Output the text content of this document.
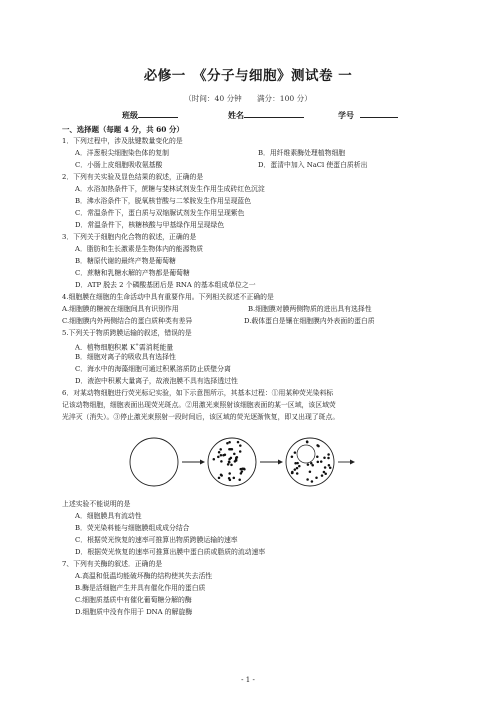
必修一　《分子与细胞》测试卷 一
（时间：40 分钟　　满分：100 分）
班级	姓名	学号
一、选择题（每题 4 分，共 60 分）
1．下列过程中，涉及肽键数量变化的是
A．洋葱根尖细胞染色体的复制	B．用纤维素酶处理植物细胞
C．小肠上皮细胞吸收氨基酸	D．蛋清中加入 NaCl 使蛋白质析出
2．下列有关实验及显色结果的叙述，正确的是
A．水浴加热条件下，蔗糖与斐林试剂发生作用生成砖红色沉淀
B．沸水浴条件下，脱氧核苷酸与二苯胺发生作用呈现蓝色
C．常温条件下，蛋白质与双缩脲试剂发生作用呈现紫色
D．常温条件下，核糖核酸与甲基绿作用呈现绿色
3．下列关于细胞内化合物的叙述，正确的是
A．脂肪和生长激素是生物体内的能源物质
B．糖原代谢的最终产物是葡萄糖
C．蔗糖和乳糖水解的产物都是葡萄糖
D．ATP 脱去 2 个磷酸基团后是 RNA 的基本组成单位之一
4.细胞膜在细胞的生命活动中具有重要作用。下列相关叙述不正确的是
A.细胞膜的糖被在细胞间具有识别作用	B.细胞膜对膜两侧物质的进出具有选择性
C.细胞膜内外两侧结合的蛋白质种类有差异	D.载体蛋白是镶在细胞膜内外表面的蛋白质
5.下列关于物质跨膜运输的叙述，错误的是
A．植物细胞积累 K+需消耗能量
B．细胞对离子的吸收具有选择性
C．海水中的海藻细胞可通过积累溶质防止质壁分离
D．液泡中积累大量离子，故液泡膜不具有选择透过性
6．对某动物细胞进行荧光标记实验，如下示意图所示，其基本过程：①用某种荧光染料标
记该动物细胞，细胞表面出现荧光斑点。②用激光束照射该细胞表面的某一区域，该区域荧
光淬灭（消失）。③停止激光束照射一段时间后，该区域的荧光逐渐恢复，即又出现了斑点。
上述实验不能说明的是
A．细胞膜具有流动性
B．荧光染料能与细胞膜组成成分结合
C．根据荧光恢复的速率可推算出物质跨膜运输的速率
D．根据荧光恢复的速率可推算出膜中蛋白质或脂质的流动速率
7、下列有关酶的叙述．正确的是
A.高温和低温均能破坏酶的结构使其失去活性
B.酶是活细胞产生并具有催化作用的蛋白质
C.细胞质基质中有催化葡萄糖分解的酶
D.细胞质中没有作用于 DNA 的解旋酶
- 1 -
